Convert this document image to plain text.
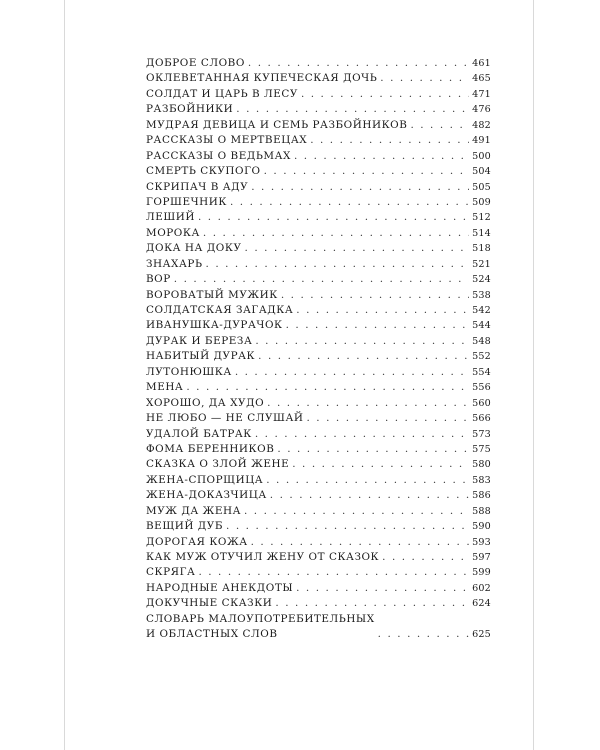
ДОБРОЕ СЛОВО . . .	461
ОКЛЕВЕТАННАЯ КУПЕЧЕСКАЯ ДОЧЬ . . .	465
СОЛДАТ И ЦАРЬ В ЛЕСУ . . .	471
РАЗБОЙНИКИ . . .	476
МУДРАЯ ДЕВИЦА И СЕМЬ РАЗБОЙНИКОВ . . .	482
РАССКАЗЫ О МЕРТВЕЦАХ . . .	491
РАССКАЗЫ О ВЕДЬМАХ . . .	500
СМЕРТЬ СКУПОГО . . .	504
СКРИПАЧ В АДУ . . .	505
ГОРШЕЧНИК . . .	509
ЛЕШИЙ . . .	512
МОРОКА . . .	514
ДОКА НА ДОКУ . . .	518
ЗНАХАРЬ . . .	521
ВОР . . .	524
ВОРОВАТЫЙ МУЖИК . . .	538
СОЛДАТСКАЯ ЗАГАДКА . . .	542
ИВАНУШКА-ДУРАЧОК . . .	544
ДУРАК И БЕРЕЗА . . .	548
НАБИТЫЙ ДУРАК . . .	552
ЛУТОНЮШКА . . .	554
МЕНА . . .	556
ХОРОШО, ДА ХУДО . . .	560
НЕ ЛЮБО — НЕ СЛУШАЙ . . .	566
УДАЛОЙ БАТРАК . . .	573
ФОМА БЕРЕННИКОВ . . .	575
СКАЗКА О ЗЛОЙ ЖЕНЕ . . .	580
ЖЕНА-СПОРЩИЦА . . .	583
ЖЕНА-ДОКАЗЧИЦА . . .	586
МУЖ ДА ЖЕНА . . .	588
ВЕЩИЙ ДУБ . . .	590
ДОРОГАЯ КОЖА . . .	593
КАК МУЖ ОТУЧИЛ ЖЕНУ ОТ СКАЗОК . . .	597
СКРЯГА . . .	599
НАРОДНЫЕ АНЕКДОТЫ . . .	602
ДОКУЧНЫЕ СКАЗКИ . . .	624
СЛОВАРЬ МАЛОУПОТРЕБИТЕЛЬНЫХ
И ОБЛАСТНЫХ СЛОВ . . .	625
